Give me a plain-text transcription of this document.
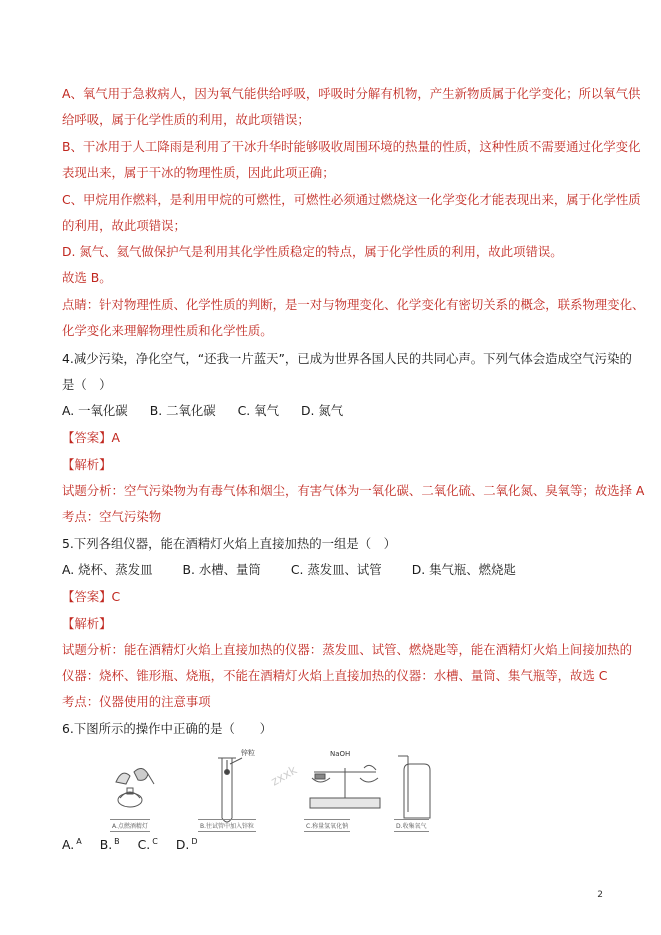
A、氧气用于急救病人，因为氧气能供给呼吸，呼吸时分解有机物，产生新物质属于化学变化；所以氧气供
给呼吸，属于化学性质的利用，故此项错误；
B、干冰用于人工降雨是利用了干冰升华时能够吸收周围环境的热量的性质，这种性质不需要通过化学变化
表现出来，属于干冰的物理性质，因此此项正确；
C、甲烷用作燃料，是利用甲烷的可燃性，可燃性必须通过燃烧这一化学变化才能表现出来，属于化学性质
的利用，故此项错误；
D. 氮气、氦气做保护气是利用其化学性质稳定的特点，属于化学性质的利用，故此项错误。
故选 B。
点睛：针对物理性质、化学性质的判断，是一对与物理变化、化学变化有密切关系的概念，联系物理变化、
化学变化来理解物理性质和化学性质。
4.减少污染，净化空气，“还我一片蓝天”，已成为世界各国人民的共同心声。下列气体会造成空气污染的
是（　）
A. 一氧化碳 B. 二氧化碳 C. 氧气 D. 氮气
【答案】A
【解析】
试题分析：空气污染物为有毒气体和烟尘，有害气体为一氧化碳、二氧化硫、二氧化氮、臭氧等；故选择 A
考点：空气污染物
5.下列各组仪器，能在酒精灯火焰上直接加热的一组是（　）
A. 烧杯、蒸发皿 B. 水槽、量筒 C. 蒸发皿、试管 D. 集气瓶、燃烧匙
【答案】C
【解析】
试题分析：能在酒精灯火焰上直接加热的仪器：蒸发皿、试管、燃烧匙等，能在酒精灯火焰上间接加热的
仪器：烧杯、锥形瓶、烧瓶，不能在酒精灯火焰上直接加热的仪器：水槽、量筒、集气瓶等，故选 C
考点：仪器使用的注意事项
6.下图所示的操作中正确的是（　　）
zxxk
锌粒	NaOH
A.点燃酒精灯	B.往试管中加入锌粒	C.称量氢氧化钠	D.收集氧气
A. $^A$ B. $^B$ C. $^C$ D. $^D$
2
